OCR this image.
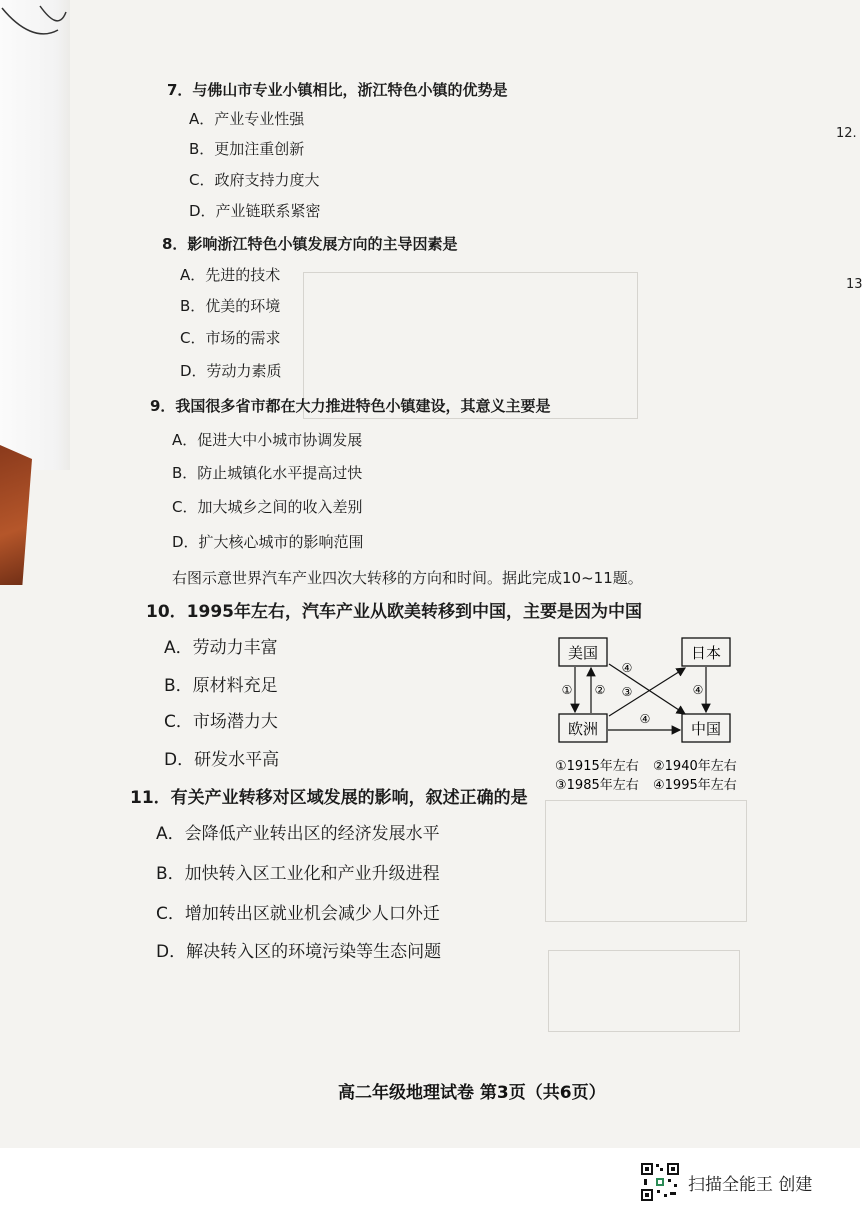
7．与佛山市专业小镇相比，浙江特色小镇的优势是
A．产业专业性强
B．更加注重创新
C．政府支持力度大
D．产业链联系紧密
8．影响浙江特色小镇发展方向的主导因素是
A．先进的技术
B．优美的环境
C．市场的需求
D．劳动力素质
9．我国很多省市都在大力推进特色小镇建设，其意义主要是
A．促进大中小城市协调发展
B．防止城镇化水平提高过快
C．加大城乡之间的收入差别
D．扩大核心城市的影响范围
右图示意世界汽车产业四次大转移的方向和时间。据此完成10~11题。
10．1995年左右，汽车产业从欧美转移到中国，主要是因为中国
A．劳动力丰富
B．原材料充足
C．市场潜力大
D．研发水平高
11．有关产业转移对区域发展的影响，叙述正确的是
A．会降低产业转出区的经济发展水平
B．加快转入区工业化和产业升级进程
C．增加转出区就业机会减少人口外迁
D．解决转入区的环境污染等生态问题
美国	日本
欧洲	中国
① ② ③
④
④
④
①1915年左右 ②1940年左右
③1985年左右 ④1995年左右
12.
13
高二年级地理试卷 第3页（共6页）
扫描全能王 创建
